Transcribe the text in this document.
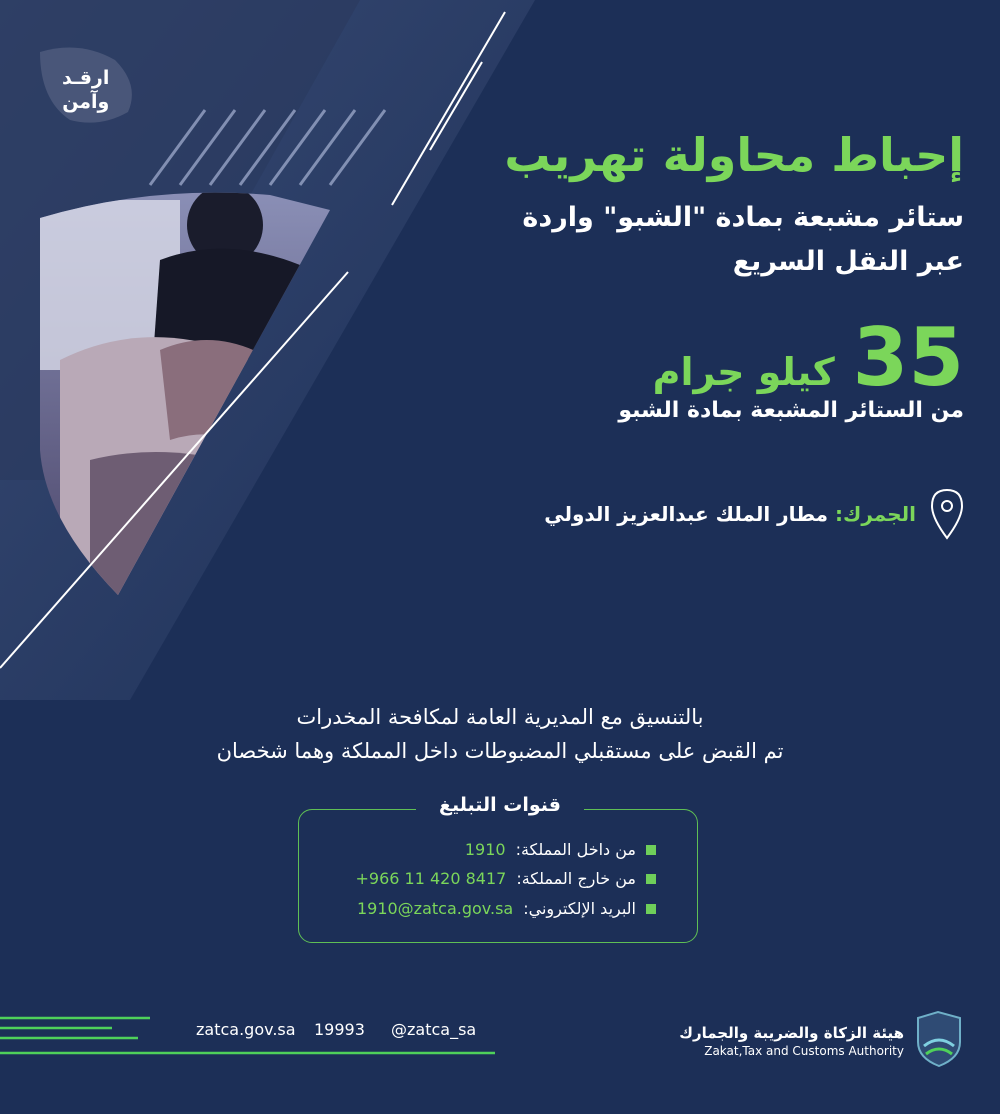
ارقـد
وآمن
إحباط محاولة تهريب
ستائر مشبعة بمادة "الشبو" واردة
عبر النقل السريع
35
كيلو جرام
من الستائر المشبعة بمادة الشبو
الجمرك: مطار الملك عبدالعزيز الدولي
بالتنسيق مع المديرية العامة لمكافحة المخدرات
تم القبض على مستقبلي المضبوطات داخل المملكة وهما شخصان
قنوات التبليغ
من داخل المملكة:
1910
من خارج المملكة:
+966 11 420 8417
البريد الإلكتروني:
1910@zatca.gov.sa
zatca.gov.sa 19993 @zatca_sa	هيئة الزكاة والضريبة والجمارك
Zakat,Tax and Customs Authority
